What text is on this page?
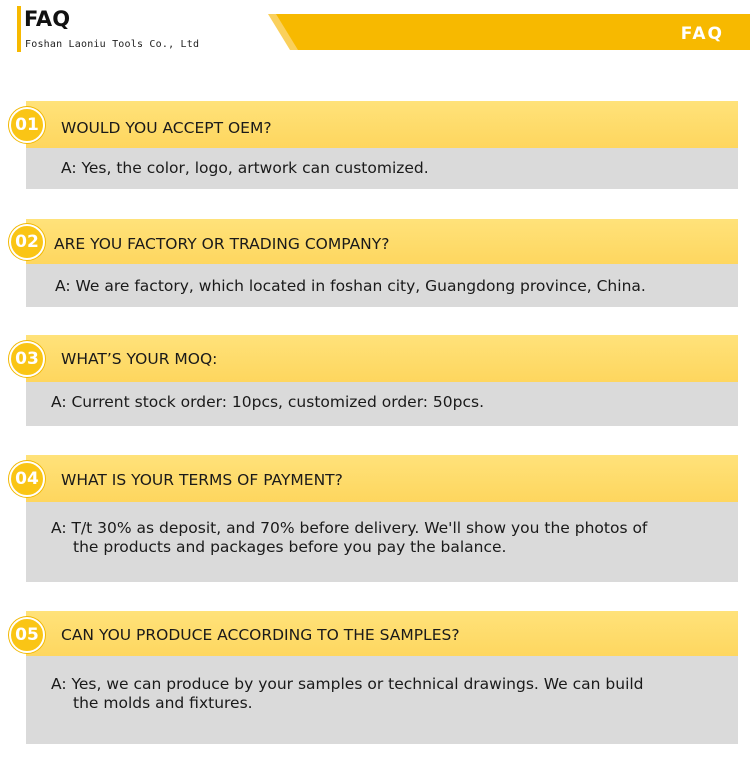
FAQ
Foshan Laoniu Tools Co., Ltd
FAQ
01	WOULD YOU ACCEPT OEM?
A: Yes, the color, logo, artwork can customized.
02 ARE YOU FACTORY OR TRADING COMPANY?
A: We are factory, which located in foshan city, Guangdong province, China.
03	WHAT’S YOUR MOQ:
A: Current stock order: 10pcs, customized order: 50pcs.
04	WHAT IS YOUR TERMS OF PAYMENT?
A: T/t 30% as deposit, and 70% before delivery. We'll show you the photos of
the products and packages before you pay the balance.
05	CAN YOU PRODUCE ACCORDING TO THE SAMPLES?
A: Yes, we can produce by your samples or technical drawings. We can build
the molds and fixtures.
